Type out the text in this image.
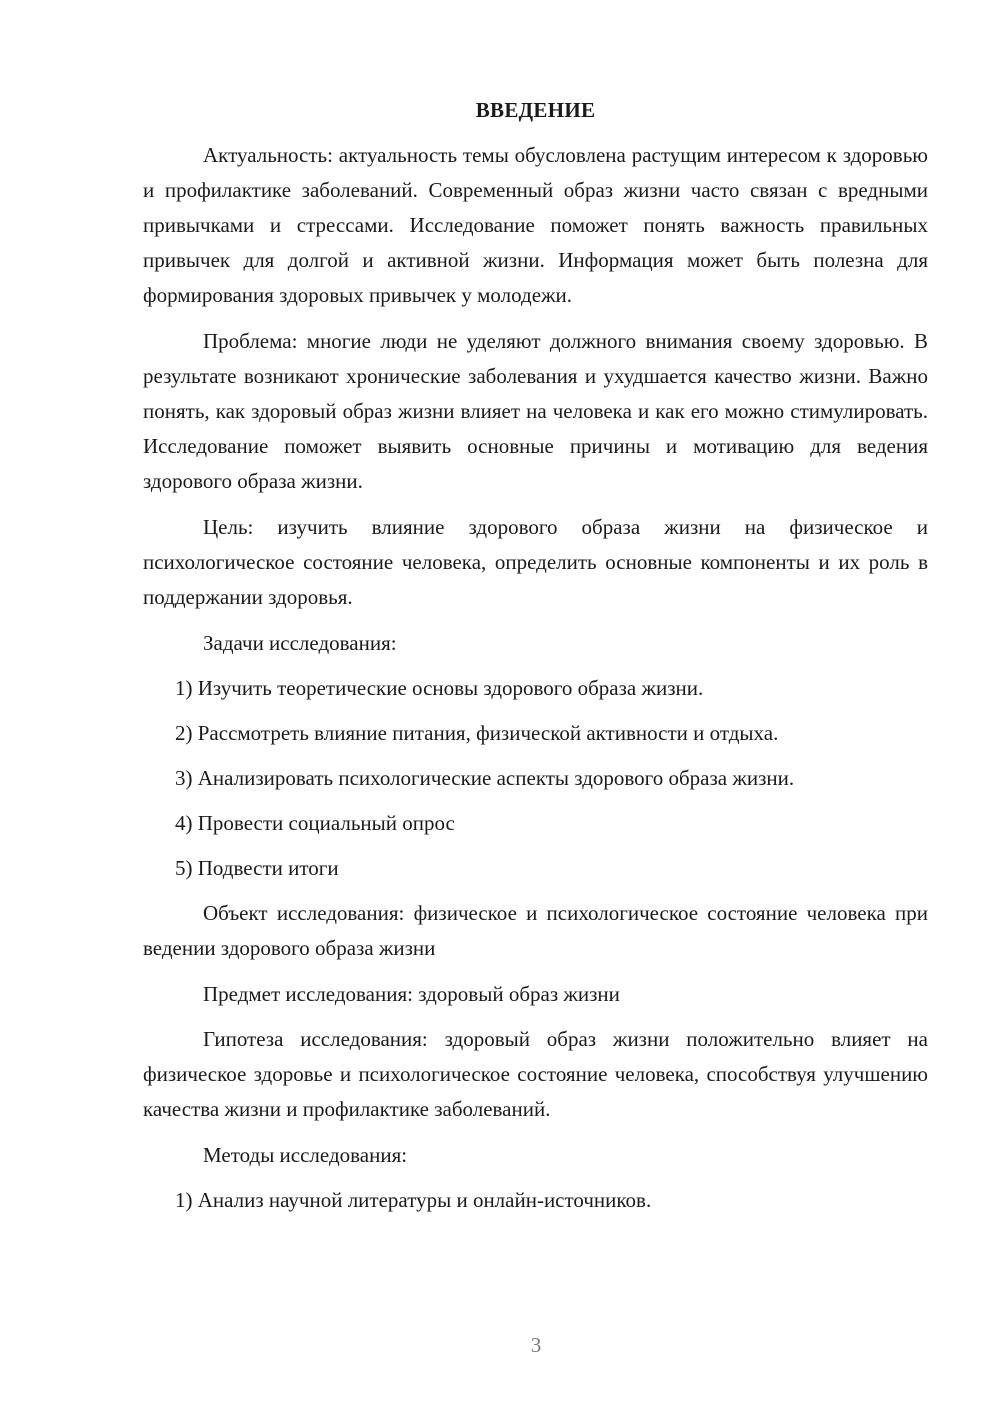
ВВЕДЕНИЕ

Актуальность: актуальность темы обусловлена растущим интересом к здоровью и профилактике заболеваний. Современный образ жизни часто связан с вредными привычками и стрессами. Исследование поможет понять важность правильных привычек для долгой и активной жизни. Информация может быть полезна для формирования здоровых привычек у молодежи.

Проблема: многие люди не уделяют должного внимания своему здоровью. В результате возникают хронические заболевания и ухудшается качество жизни. Важно понять, как здоровый образ жизни влияет на человека и как его можно стимулировать. Исследование поможет выявить основные причины и мотивацию для ведения здорового образа жизни.

Цель: изучить влияние здорового образа жизни на физическое и психологическое состояние человека, определить основные компоненты и их роль в поддержании здоровья.

Задачи исследования:

1) Изучить теоретические основы здорового образа жизни.

2) Рассмотреть влияние питания, физической активности и отдыха.

3) Анализировать психологические аспекты здорового образа жизни.

4) Провести социальный опрос

5) Подвести итоги

Объект исследования: физическое и психологическое состояние человека при ведении здорового образа жизни

Предмет исследования: здоровый образ жизни

Гипотеза исследования: здоровый образ жизни положительно влияет на физическое здоровье и психологическое состояние человека, способствуя улучшению качества жизни и профилактике заболеваний.

Методы исследования:

1) Анализ научной литературы и онлайн-источников.

3
